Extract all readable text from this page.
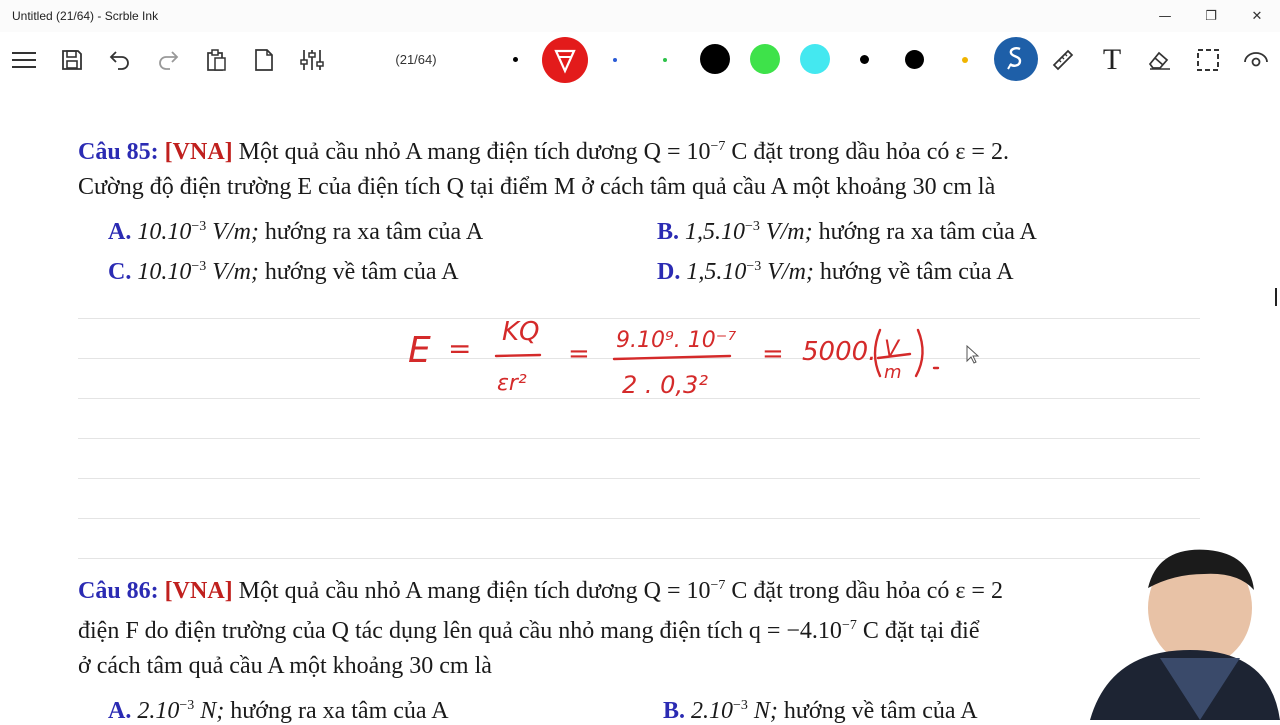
Untitled (21/64) - Scrble Ink	—	❐	✕
(21/64)	T
Câu 85: [VNA] Một quả cầu nhỏ A mang điện tích dương $Q = 10^{-7}$ C đặt trong dầu hỏa có ε = 2.
Cường độ điện trường E của điện tích Q tại điểm M ở cách tâm quả cầu A một khoảng 30 cm là
A. $10.10^{-3}$ V/m; hướng ra xa tâm của A	B. $1,5.10^{-3}$ V/m; hướng ra xa tâm của A
C. $10.10^{-3}$ V/m; hướng về tâm của A	D. $1,5.10^{-3}$ V/m; hướng về tâm của A
E = KQ
εr²
= 9.10⁹. 10⁻⁷
2 . 0,3²
= 5000. V
m
Câu 86: [VNA] Một quả cầu nhỏ A mang điện tích dương $Q = 10^{-7}$ C đặt trong dầu hỏa có ε = 2
điện F do điện trường của Q tác dụng lên quả cầu nhỏ mang điện tích $q = -4.10^{-7}$ C đặt tại điể
ở cách tâm quả cầu A một khoảng 30 cm là
A. $2.10^{-3}$ N; hướng ra xa tâm của A	B. $2.10^{-3}$ N; hướng về tâm của A
